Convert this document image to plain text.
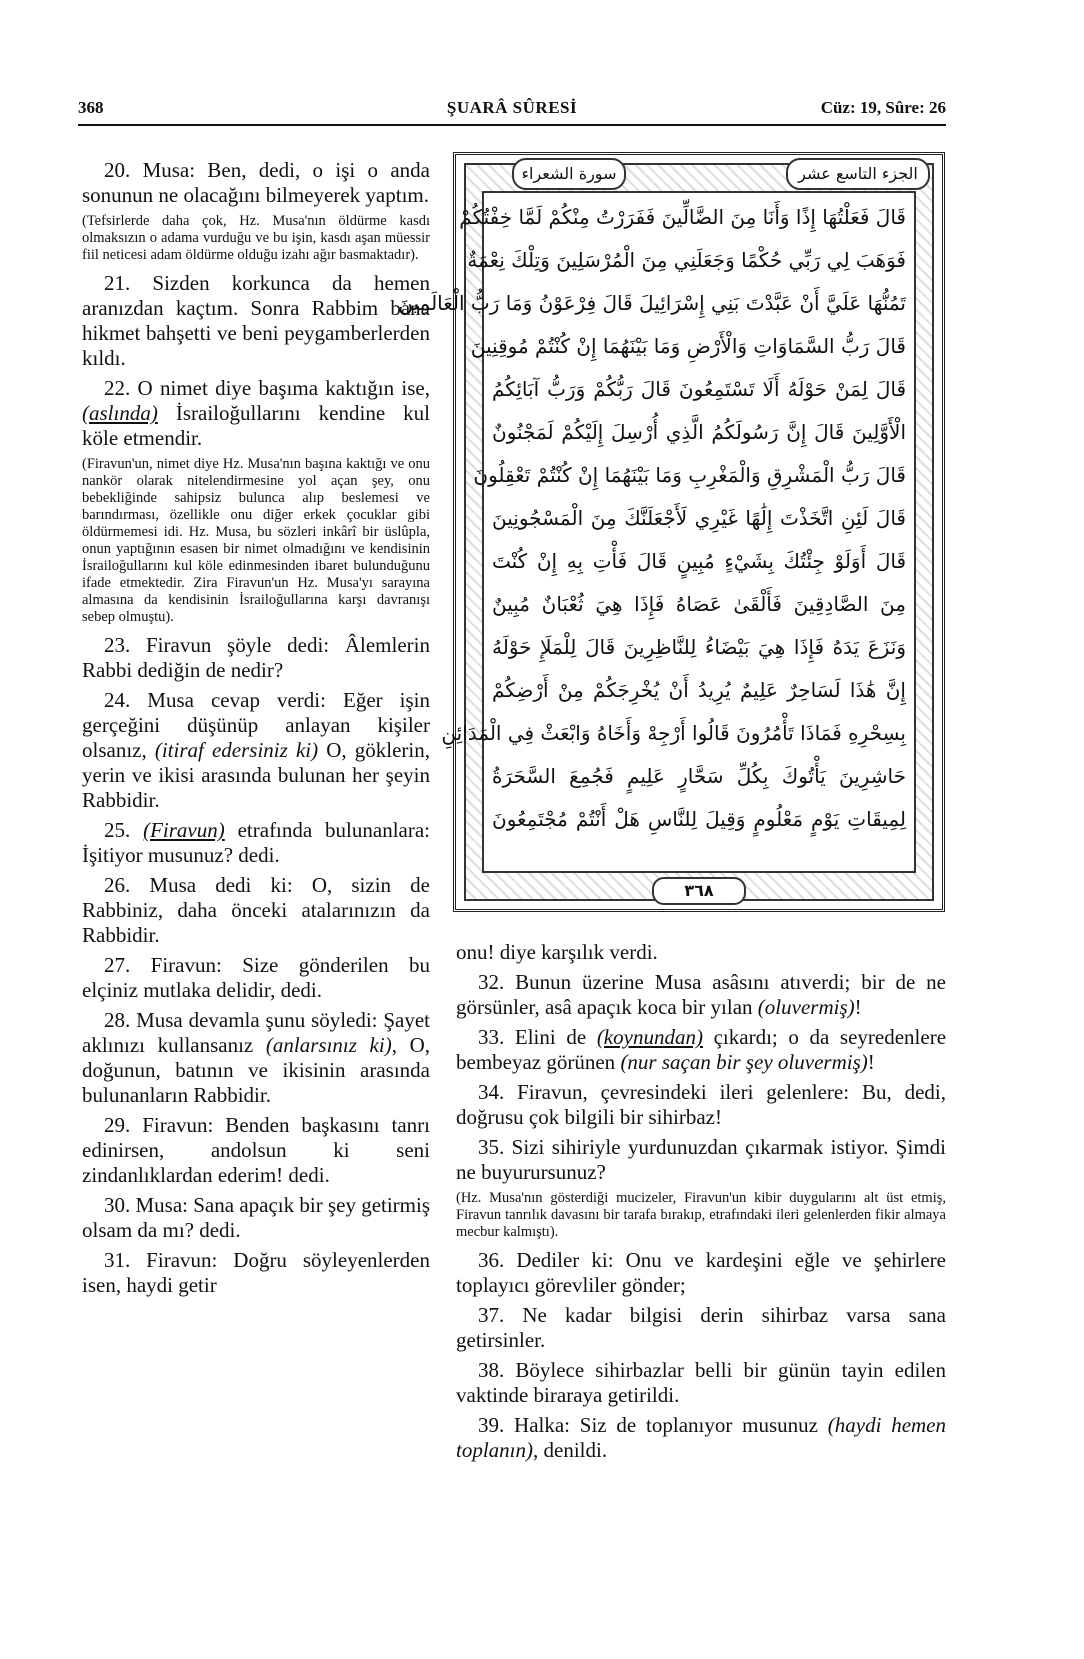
368	ŞUARÂ SÛRESİ	Cüz: 19, Sûre: 26

20. Musa: Ben, dedi, o işi o anda sonunun ne olacağını bilmeyerek yaptım.

(Tefsirlerde daha çok, Hz. Musa'nın öldürme kasdı olmaksızın o adama vurduğu ve bu işin, kasdı aşan müessir fiil neticesi adam öldürme olduğu izahı ağır basmaktadır).

21. Sizden korkunca da hemen aranızdan kaçtım. Sonra Rabbim bana hikmet bahşetti ve beni peygamberlerden kıldı.

22. O nimet diye başıma kaktığın ise, (aslında) İsrailoğullarını kendine kul köle etmendir.

(Firavun'un, nimet diye Hz. Musa'nın başına kaktığı ve onu nankör olarak nitelendirmesine yol açan şey, onu bebekliğinde sahipsiz bulunca alıp beslemesi ve barındırması, özellikle onu diğer erkek çocuklar gibi öldürmemesi idi. Hz. Musa, bu sözleri inkârî bir üslûpla, onun yaptığının esasen bir nimet olmadığını ve kendisinin İsrailoğullarını kul köle edinmesinden ibaret bulunduğunu ifade etmektedir. Zira Firavun'un Hz. Musa'yı sarayına almasına da kendisinin İsrailoğullarına karşı davranışı sebep olmuştu).

23. Firavun şöyle dedi: Âlemlerin Rabbi dediğin de nedir?

24. Musa cevap verdi: Eğer işin gerçeğini düşünüp anlayan kişiler olsanız, (itiraf edersiniz ki) O, göklerin, yerin ve ikisi arasında bulunan her şeyin Rabbidir.

25. (Firavun) etrafında bulunanlara: İşitiyor musunuz? dedi.

26. Musa dedi ki: O, sizin de Rabbiniz, daha önceki atalarınızın da Rabbidir.

27. Firavun: Size gönderilen bu elçiniz mutlaka delidir, dedi.

28. Musa devamla şunu söyledi: Şayet aklınızı kullansanız (anlarsınız ki), O, doğunun, batının ve ikisinin arasında bulunanların Rabbidir.

29. Firavun: Benden başkasını tanrı edinirsen, andolsun ki seni zindanlıklardan ederim! dedi.

30. Musa: Sana apaçık bir şey getirmiş olsam da mı? dedi.

31. Firavun: Doğru söyleyenlerden isen, haydi getir

الجزء التاسع عشر
سورة الشعراء
قَالَ فَعَلْتُهَا إِذًا وَأَنَا مِنَ الضَّالِّينَ فَفَرَرْتُ مِنْكُمْ لَمَّا خِفْتُكُمْ
فَوَهَبَ لِي رَبِّي حُكْمًا وَجَعَلَنِي مِنَ الْمُرْسَلِينَ وَتِلْكَ نِعْمَةٌ
تَمُنُّهَا عَلَيَّ أَنْ عَبَّدْتَ بَنِي إِسْرَائِيلَ قَالَ فِرْعَوْنُ وَمَا رَبُّ الْعَالَمِينَ
قَالَ رَبُّ السَّمَاوَاتِ وَالْأَرْضِ وَمَا بَيْنَهُمَا إِنْ كُنْتُمْ مُوقِنِينَ
قَالَ لِمَنْ حَوْلَهُ أَلَا تَسْتَمِعُونَ قَالَ رَبُّكُمْ وَرَبُّ آبَائِكُمُ
الْأَوَّلِينَ قَالَ إِنَّ رَسُولَكُمُ الَّذِي أُرْسِلَ إِلَيْكُمْ لَمَجْنُونٌ
قَالَ رَبُّ الْمَشْرِقِ وَالْمَغْرِبِ وَمَا بَيْنَهُمَا إِنْ كُنْتُمْ تَعْقِلُونَ
قَالَ لَئِنِ اتَّخَذْتَ إِلَٰهًا غَيْرِي لَأَجْعَلَنَّكَ مِنَ الْمَسْجُونِينَ
قَالَ أَوَلَوْ جِئْتُكَ بِشَيْءٍ مُبِينٍ قَالَ فَأْتِ بِهِ إِنْ كُنْتَ
مِنَ الصَّادِقِينَ فَأَلْقَىٰ عَصَاهُ فَإِذَا هِيَ ثُعْبَانٌ مُبِينٌ
وَنَزَعَ يَدَهُ فَإِذَا هِيَ بَيْضَاءُ لِلنَّاظِرِينَ قَالَ لِلْمَلَإِ حَوْلَهُ
إِنَّ هَٰذَا لَسَاحِرٌ عَلِيمٌ يُرِيدُ أَنْ يُخْرِجَكُمْ مِنْ أَرْضِكُمْ
بِسِحْرِهِ فَمَاذَا تَأْمُرُونَ قَالُوا أَرْجِهْ وَأَخَاهُ وَابْعَثْ فِي الْمَدَائِنِ
حَاشِرِينَ يَأْتُوكَ بِكُلِّ سَحَّارٍ عَلِيمٍ فَجُمِعَ السَّحَرَةُ
لِمِيقَاتِ يَوْمٍ مَعْلُومٍ وَقِيلَ لِلنَّاسِ هَلْ أَنْتُمْ مُجْتَمِعُونَ
٣٦٨

onu! diye karşılık verdi.

32. Bunun üzerine Musa asâsını atıverdi; bir de ne görsünler, asâ apaçık koca bir yılan (oluvermiş)!

33. Elini de (koynundan) çıkardı; o da seyredenlere bembeyaz görünen (nur saçan bir şey oluvermiş)!

34. Firavun, çevresindeki ileri gelenlere: Bu, dedi, doğrusu çok bilgili bir sihirbaz!

35. Sizi sihiriyle yurdunuzdan çıkarmak istiyor. Şimdi ne buyurursunuz?

(Hz. Musa'nın gösterdiği mucizeler, Firavun'un kibir duygularını alt üst etmiş, Firavun tanrılık davasını bir tarafa bırakıp, etrafındaki ileri gelenlerden fikir almaya mecbur kalmıştı).

36. Dediler ki: Onu ve kardeşini eğle ve şehirlere toplayıcı görevliler gönder;

37. Ne kadar bilgisi derin sihirbaz varsa sana getirsinler.

38. Böylece sihirbazlar belli bir günün tayin edilen vaktinde biraraya getirildi.

39. Halka: Siz de toplanıyor musunuz (haydi hemen toplanın), denildi.
